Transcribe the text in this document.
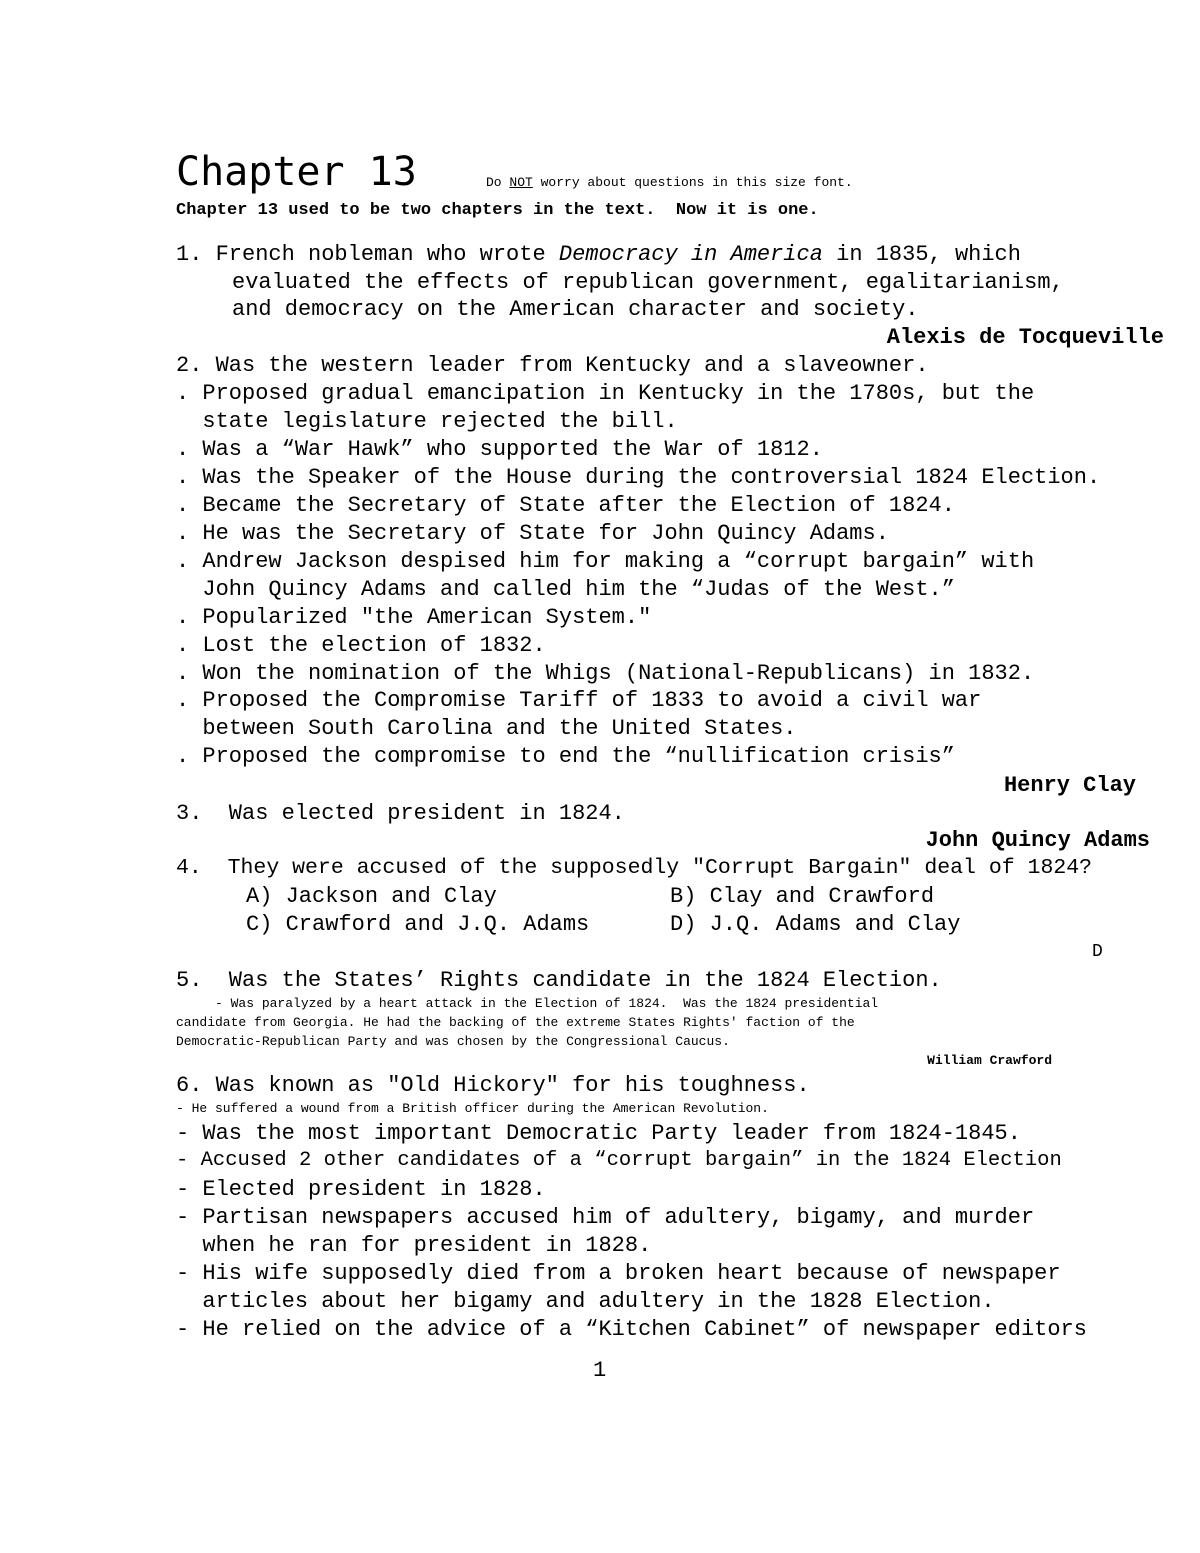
Chapter 13	Do NOT worry about questions in this size font.
Chapter 13 used to be two chapters in the text.  Now it is one.
1. French nobleman who wrote Democracy in America in 1835, which
evaluated the effects of republican government, egalitarianism,
and democracy on the American character and society.
Alexis de Tocqueville
2. Was the western leader from Kentucky and a slaveowner.
. Proposed gradual emancipation in Kentucky in the 1780s, but the
state legislature rejected the bill.
. Was a “War Hawk” who supported the War of 1812.
. Was the Speaker of the House during the controversial 1824 Election.
. Became the Secretary of State after the Election of 1824.
. He was the Secretary of State for John Quincy Adams.
. Andrew Jackson despised him for making a “corrupt bargain” with
John Quincy Adams and called him the “Judas of the West.”
. Popularized "the American System."
. Lost the election of 1832.
. Won the nomination of the Whigs (National-Republicans) in 1832.
. Proposed the Compromise Tariff of 1833 to avoid a civil war
between South Carolina and the United States.
. Proposed the compromise to end the “nullification crisis”
Henry Clay
3.  Was elected president in 1824.
John Quincy Adams
4.  They were accused of the supposedly "Corrupt Bargain" deal of 1824?
A) Jackson and Clay	B) Clay and Crawford
C) Crawford and J.Q. Adams	D) J.Q. Adams and Clay
D
5.  Was the States’ Rights candidate in the 1824 Election.
- Was paralyzed by a heart attack in the Election of 1824.  Was the 1824 presidential
candidate from Georgia. He had the backing of the extreme States Rights' faction of the
Democratic-Republican Party and was chosen by the Congressional Caucus.
William Crawford
6. Was known as "Old Hickory" for his toughness.
- He suffered a wound from a British officer during the American Revolution.
- Was the most important Democratic Party leader from 1824-1845.
- Accused 2 other candidates of a “corrupt bargain” in the 1824 Election
- Elected president in 1828.
- Partisan newspapers accused him of adultery, bigamy, and murder
when he ran for president in 1828.
- His wife supposedly died from a broken heart because of newspaper
articles about her bigamy and adultery in the 1828 Election.
- He relied on the advice of a “Kitchen Cabinet” of newspaper editors
1
